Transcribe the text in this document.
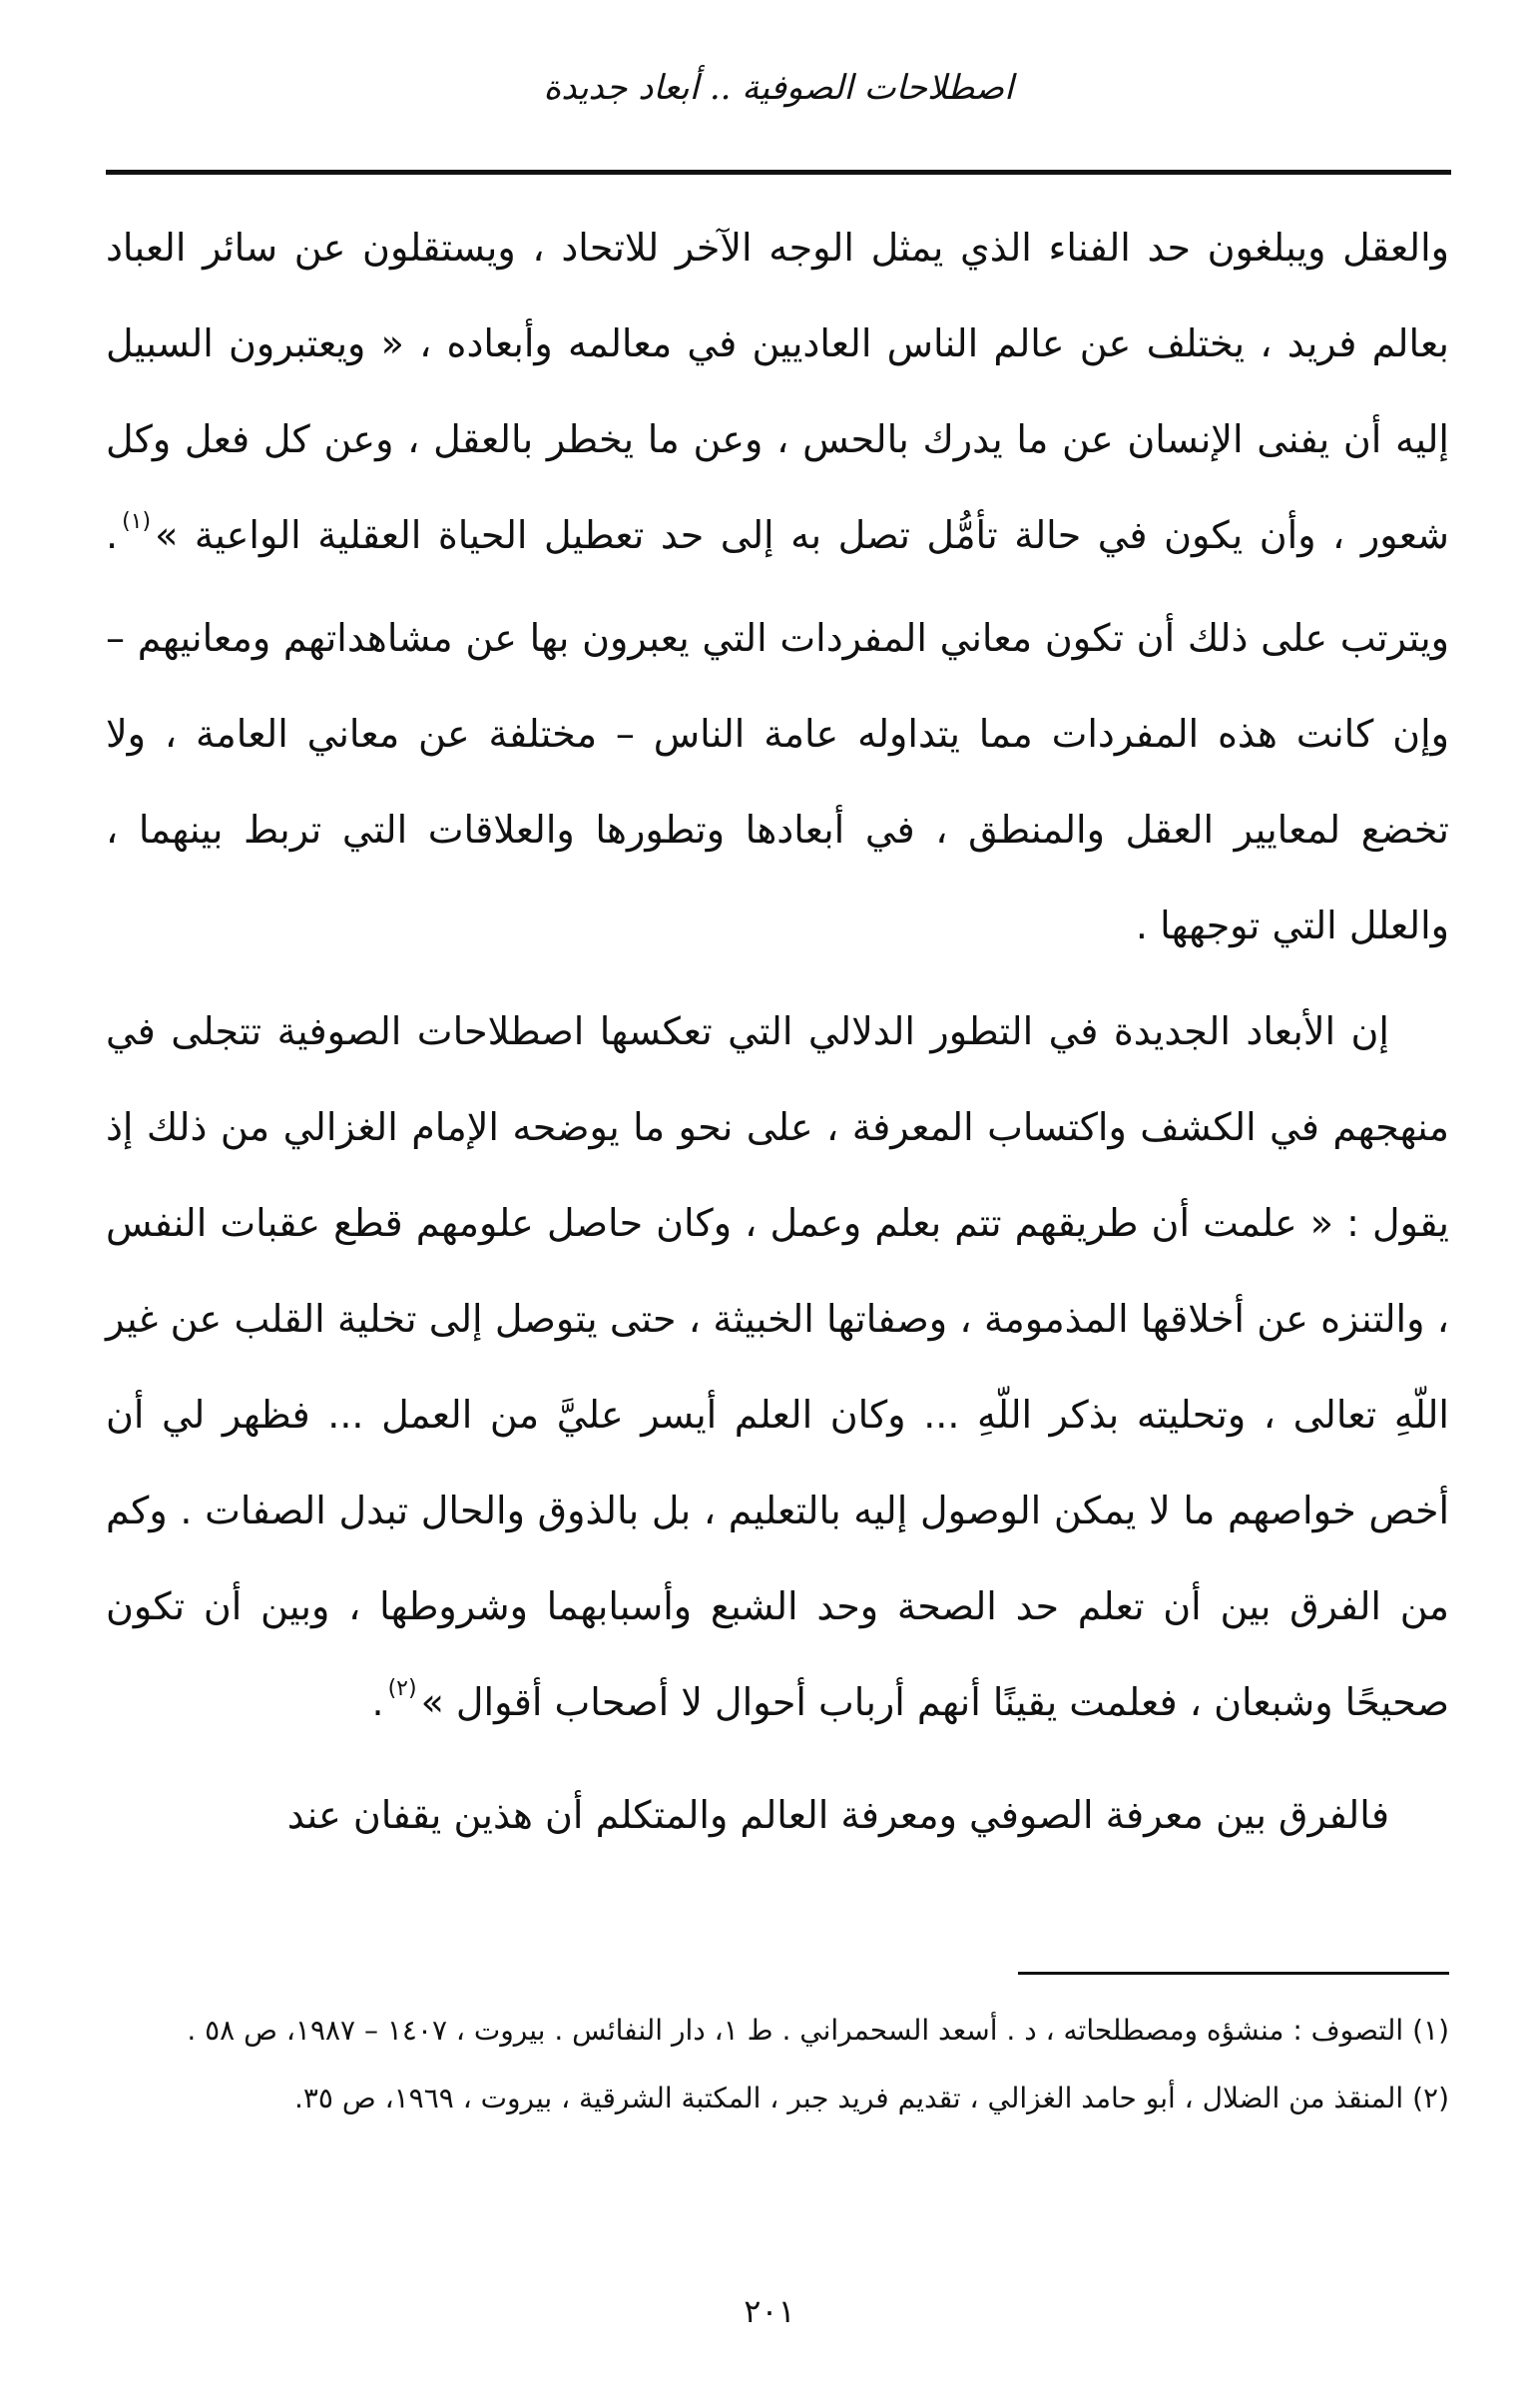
اصطلاحات الصوفية .. أبعاد جديدة

والعقل ويبلغون حد الفناء الذي يمثل الوجه الآخر للاتحاد ، ويستقلون عن سائر العباد بعالم فريد ، يختلف عن عالم الناس العاديين في معالمه وأبعاده ، « ويعتبرون السبيل إليه أن يفنى الإنسان عن ما يدرك بالحس ، وعن ما يخطر بالعقل ، وعن كل فعل وكل شعور ، وأن يكون في حالة تأمُّل تصل به إلى حد تعطيل الحياة العقلية الواعية »$^{(١)}$. ويترتب على ذلك أن تكون معاني المفردات التي يعبرون بها عن مشاهداتهم ومعانيهم – وإن كانت هذه المفردات مما يتداوله عامة الناس – مختلفة عن معاني العامة ، ولا تخضع لمعايير العقل والمنطق ، في أبعادها وتطورها والعلاقات التي تربط بينهما ، والعلل التي توجهها .

إن الأبعاد الجديدة في التطور الدلالي التي تعكسها اصطلاحات الصوفية تتجلى في منهجهم في الكشف واكتساب المعرفة ، على نحو ما يوضحه الإمام الغزالي من ذلك إذ يقول : « علمت أن طريقهم تتم بعلم وعمل ، وكان حاصل علومهم قطع عقبات النفس ، والتنزه عن أخلاقها المذمومة ، وصفاتها الخبيثة ، حتى يتوصل إلى تخلية القلب عن غير اللّهِ تعالى ، وتحليته بذكر اللّهِ ... وكان العلم أيسر عليَّ من العمل ... فظهر لي أن أخص خواصهم ما لا يمكن الوصول إليه بالتعليم ، بل بالذوق والحال تبدل الصفات . وكم من الفرق بين أن تعلم حد الصحة وحد الشبع وأسبابهما وشروطها ، وبين أن تكون صحيحًا وشبعان ، فعلمت يقينًا أنهم أرباب أحوال لا أصحاب أقوال »$^{(٢)}$.

فالفرق بين معرفة الصوفي ومعرفة العالم والمتكلم أن هذين يقفان عند

(١) التصوف : منشؤه ومصطلحاته ، د . أسعد السحمراني . ط ١، دار النفائس . بيروت ، ١٤٠٧ – ١٩٨٧، ص ٥٨ .

(٢) المنقذ من الضلال ، أبو حامد الغزالي ، تقديم فريد جبر ، المكتبة الشرقية ، بيروت ، ١٩٦٩، ص ٣٥.

٢٠١
